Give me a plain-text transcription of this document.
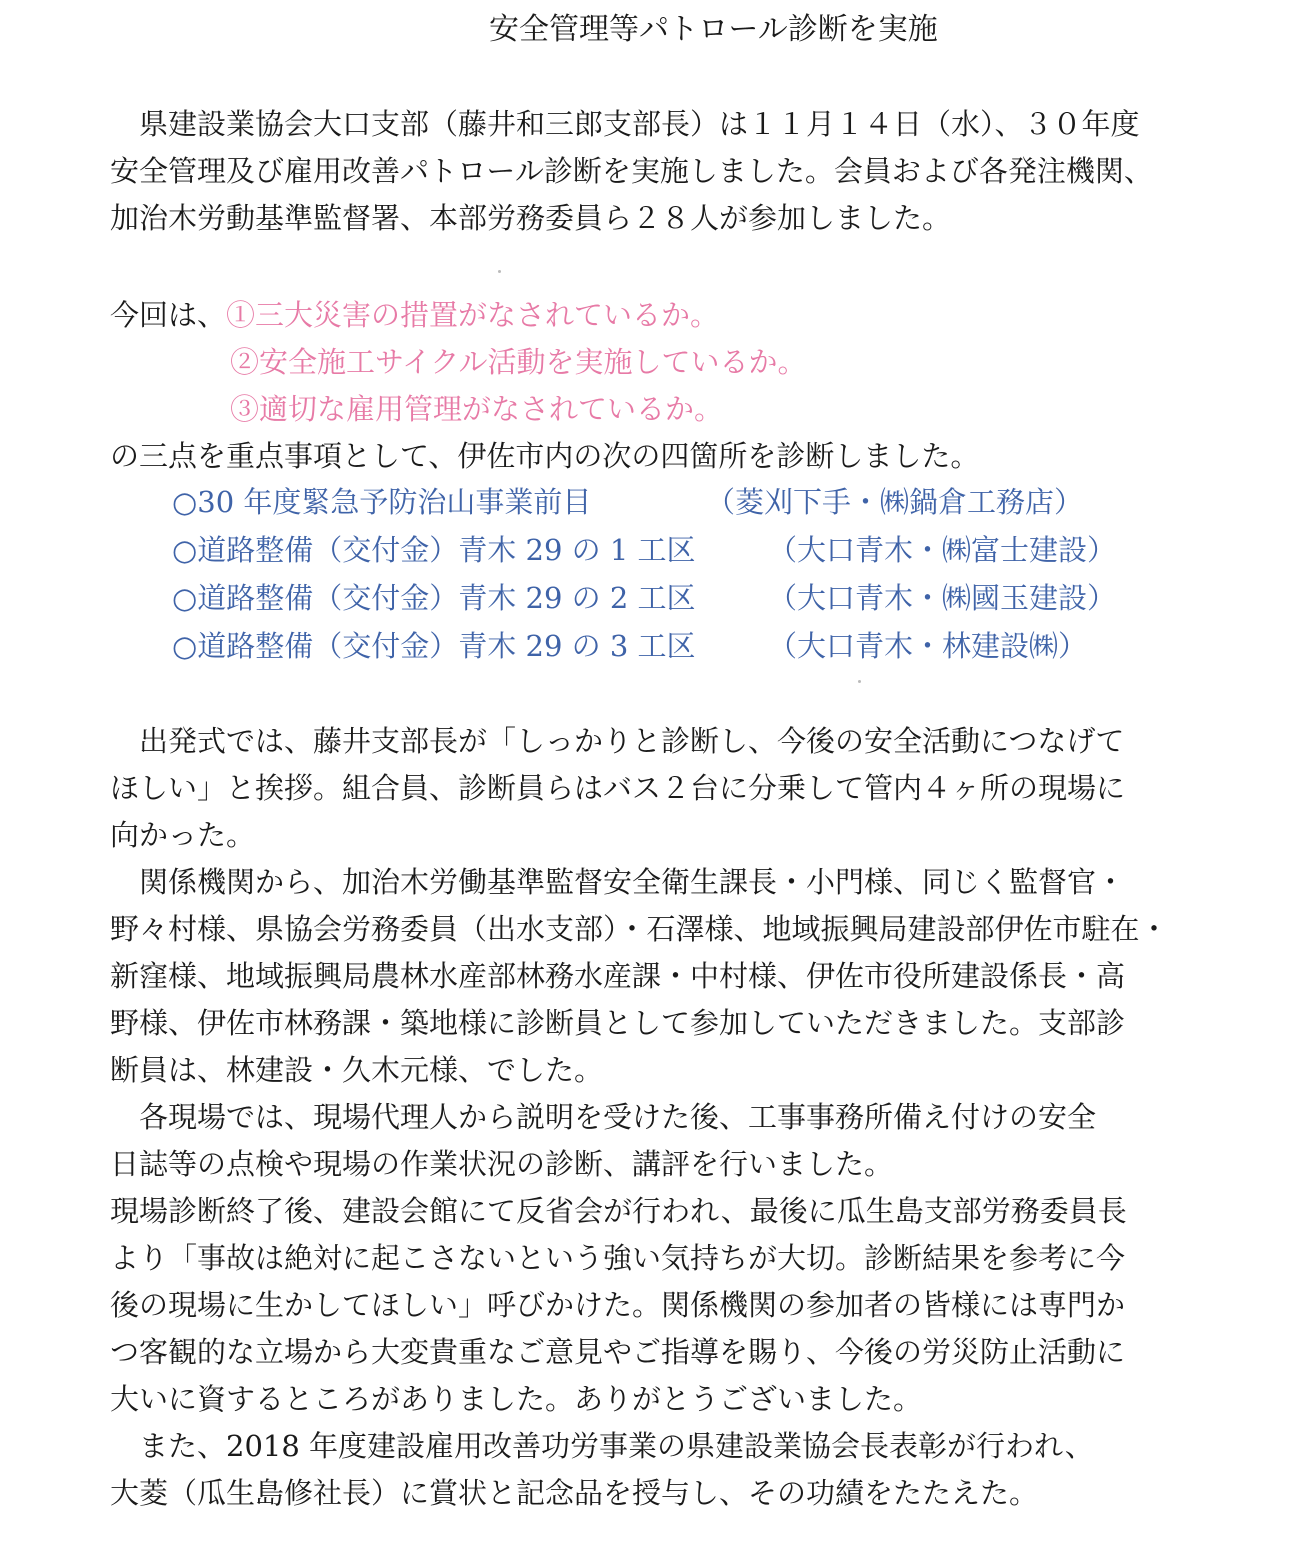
安全管理等パトロール診断を実施
　県建設業協会大口支部（藤井和三郎支部長）は１１月１４日（水）、３０年度
安全管理及び雇用改善パトロール診断を実施しました。会員および各発注機関、
加治木労動基準監督署、本部労務委員ら２８人が参加しました。
今回は、①三大災害の措置がなされているか。
②安全施工サイクル活動を実施しているか。
③適切な雇用管理がなされているか。
の三点を重点事項として、伊佐市内の次の四箇所を診断しました。
○30 年度緊急予防治山事業前目	（菱刈下手・㈱鍋倉工務店）
○道路整備（交付金）青木 29 の 1 工区 （大口青木・㈱富士建設）
○道路整備（交付金）青木 29 の 2 工区 （大口青木・㈱國玉建設）
○道路整備（交付金）青木 29 の 3 工区 （大口青木・林建設㈱）
　出発式では、藤井支部長が「しっかりと診断し、今後の安全活動につなげて
ほしい」と挨拶。組合員、診断員らはバス２台に分乗して管内４ヶ所の現場に
向かった。
　関係機関から、加治木労働基準監督安全衛生課長・小門様、同じく監督官・
野々村様、県協会労務委員（出水支部）・石澤様、地域振興局建設部伊佐市駐在・
新窪様、地域振興局農林水産部林務水産課・中村様、伊佐市役所建設係長・高
野様、伊佐市林務課・築地様に診断員として参加していただきました。支部診
断員は、林建設・久木元様、でした。
　各現場では、現場代理人から説明を受けた後、工事事務所備え付けの安全
日誌等の点検や現場の作業状況の診断、講評を行いました。
現場診断終了後、建設会館にて反省会が行われ、最後に瓜生島支部労務委員長
より「事故は絶対に起こさないという強い気持ちが大切。診断結果を参考に今
後の現場に生かしてほしい」呼びかけた。関係機関の参加者の皆様には専門か
つ客観的な立場から大変貴重なご意見やご指導を賜り、今後の労災防止活動に
大いに資するところがありました。ありがとうございました。
　また、2018 年度建設雇用改善功労事業の県建設業協会長表彰が行われ、
大菱（瓜生島修社長）に賞状と記念品を授与し、その功績をたたえた。
